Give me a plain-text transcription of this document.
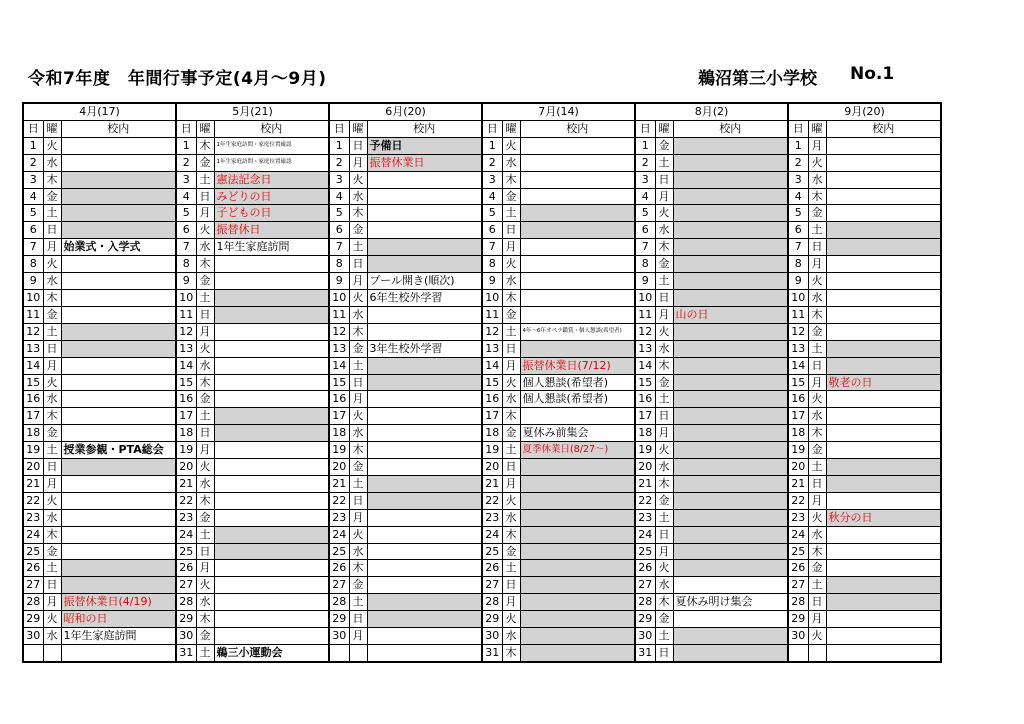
令和7年度　年間行事予定(4月～9月)	鵜沼第三小学校 No.1
4月(17)			5月(21)			6月(20)			7月(14)			8月(2)			9月(20)		
日	曜	校内	日	曜	校内	日	曜	校内	日	曜	校内	日	曜	校内	日	曜	校内
1	火		1	木	1年生家庭訪問・家庭位置確認	1	日	予備日	1	火		1	金		1	月	
2	水		2	金	1年生家庭訪問・家庭位置確認	2	月	振替休業日	2	水		2	土		2	火	
3	木		3	土	憲法記念日	3	火		3	木		3	日		3	水	
4	金		4	日	みどりの日	4	水		4	金		4	月		4	木	
5	土		5	月	子どもの日	5	木		5	土		5	火		5	金	
6	日		6	火	振替休日	6	金		6	日		6	水		6	土	
7	月	始業式・入学式	7	水	1年生家庭訪問	7	土		7	月		7	木		7	日	
8	火		8	木		8	日		8	火		8	金		8	月	
9	水		9	金		9	月	プール開き(順次)	9	水		9	土		9	火	
10	木		10	土		10	火	6年生校外学習	10	木		10	日		10	水	
11	金		11	日		11	水		11	金		11	月	山の日	11	木	
12	土		12	月		12	木		12	土	4年～6年オペラ鑑賞・個人懇談(希望者)	12	火		12	金	
13	日		13	火		13	金	3年生校外学習	13	日		13	水		13	土	
14	月		14	水		14	土		14	月	振替休業日(7/12)	14	木		14	日	
15	火		15	木		15	日		15	火	個人懇談(希望者)	15	金		15	月	敬老の日
16	水		16	金		16	月		16	水	個人懇談(希望者)	16	土		16	火	
17	木		17	土		17	火		17	木		17	日		17	水	
18	金		18	日		18	水		18	金	夏休み前集会	18	月		18	木	
19	土	授業参観・PTA総会	19	月		19	木		19	土	夏季休業日(8/27～)	19	火		19	金	
20	日		20	火		20	金		20	日		20	水		20	土	
21	月		21	水		21	土		21	月		21	木		21	日	
22	火		22	木		22	日		22	火		22	金		22	月	
23	水		23	金		23	月		23	水		23	土		23	火	秋分の日
24	木		24	土		24	火		24	木		24	日		24	水	
25	金		25	日		25	水		25	金		25	月		25	木	
26	土		26	月		26	木		26	土		26	火		26	金	
27	日		27	火		27	金		27	日		27	水		27	土	
28	月	振替休業日(4/19)	28	水		28	土		28	月		28	木	夏休み明け集会	28	日	
29	火	昭和の日	29	木		29	日		29	火		29	金		29	月	
30	水	1年生家庭訪問	30	金		30	月		30	水		30	土		30	火	
			31	土	鵜三小運動会				31	木		31	日				
